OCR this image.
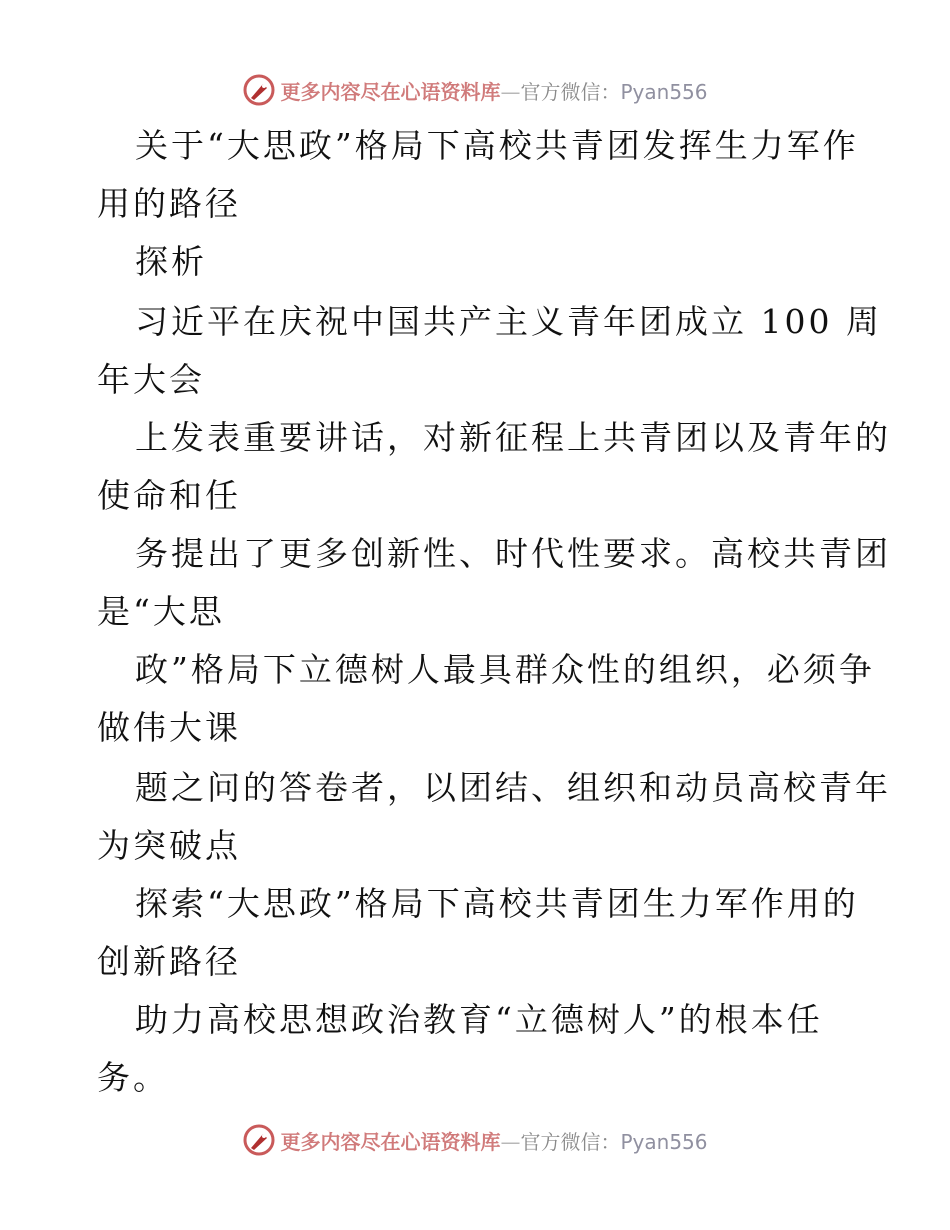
更多内容尽在心语资料库—官方微信：Pyan556
关于“大思政”格局下高校共青团发挥生力军作
用的路径
探析
习近平在庆祝中国共产主义青年团成立 100 周
年大会
上发表重要讲话，对新征程上共青团以及青年的
使命和任
务提出了更多创新性、时代性要求。高校共青团
是“大思
政”格局下立德树人最具群众性的组织，必须争
做伟大课
题之问的答卷者，以团结、组织和动员高校青年
为突破点
探索“大思政”格局下高校共青团生力军作用的
创新路径
助力高校思想政治教育“立德树人”的根本任
务。
更多内容尽在心语资料库—官方微信：Pyan556
